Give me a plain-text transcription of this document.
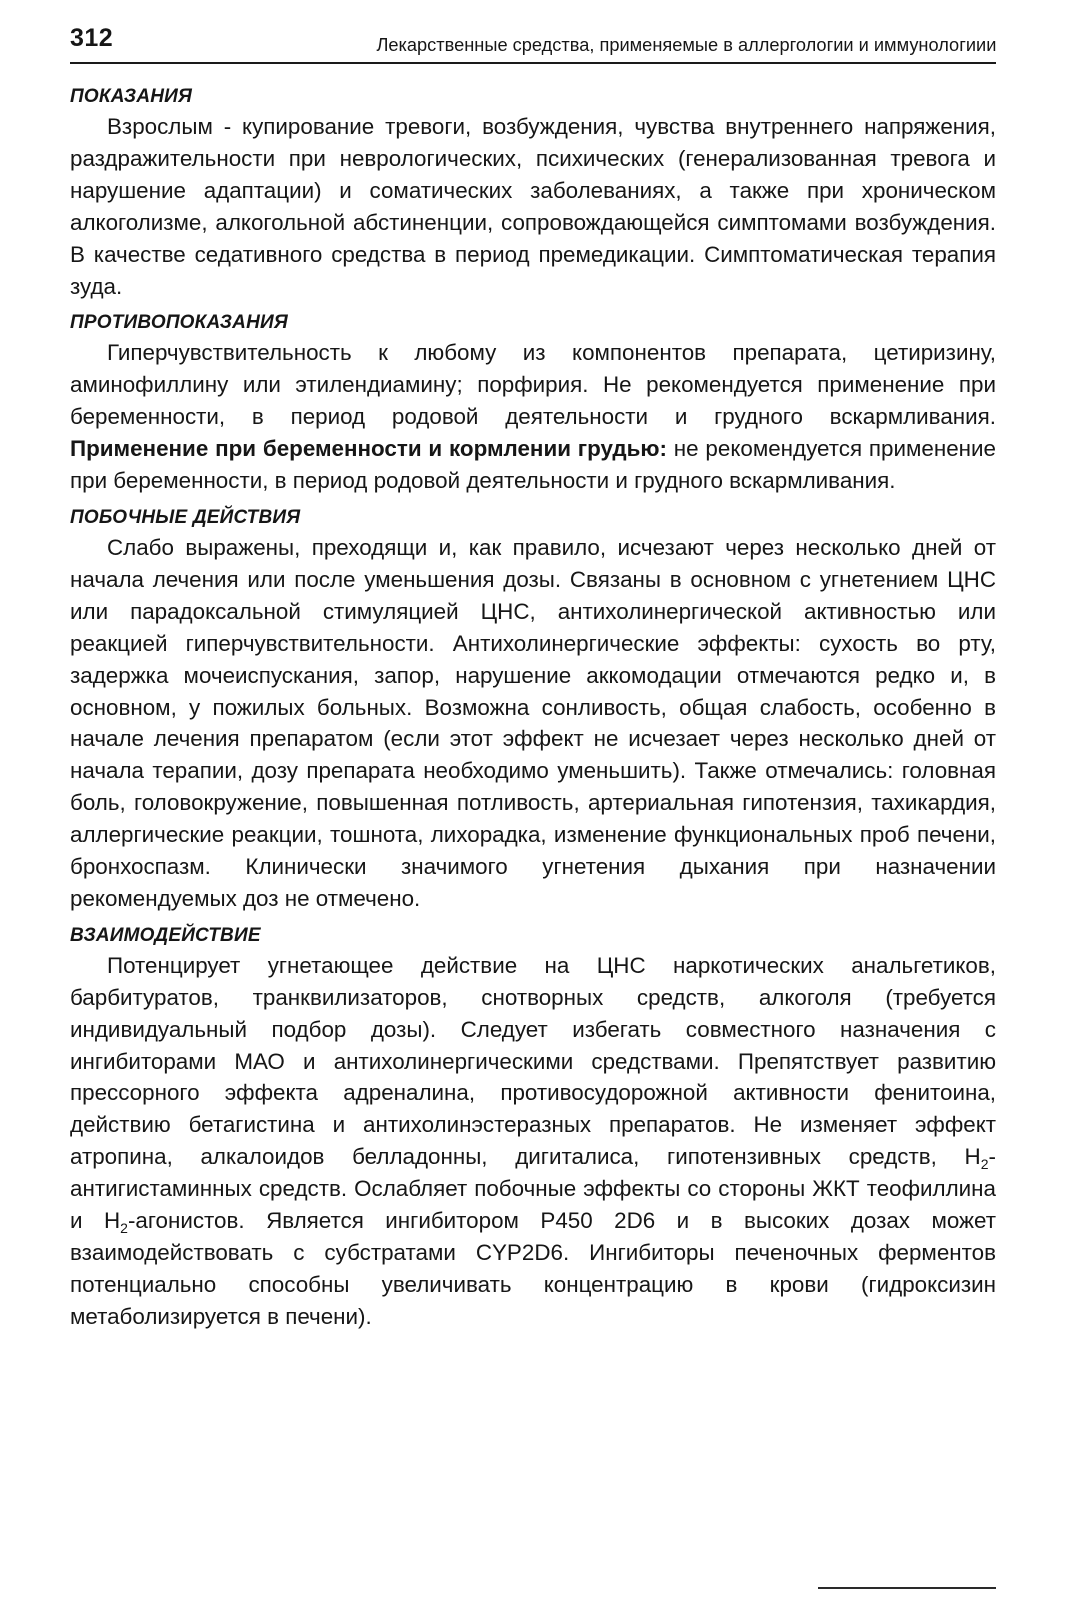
312	Лекарственные средства, применяемые в аллергологии и иммунологиии
ПОКАЗАНИЯ

Взрослым - купирование тревоги, возбуждения, чувства внутреннего напряжения, раздражительности при неврологических, психических (генерализованная тревога и нарушение адаптации) и соматических заболеваниях, а также при хроническом алкоголизме, алкогольной абстиненции, сопровождающейся симптомами возбуждения. В качестве седативного средства в период премедикации. Симптоматическая терапия зуда.

ПРОТИВОПОКАЗАНИЯ

Гиперчувствительность к любому из компонентов препарата, цетиризину, аминофиллину или этилендиамину; порфирия. Не рекомендуется применение при беременности, в период родовой деятельности и грудного вскармливания. Применение при беременности и кормлении грудью: не рекомендуется применение при беременности, в период родовой деятельности и грудного вскармливания.

ПОБОЧНЫЕ ДЕЙСТВИЯ

Слабо выражены, преходящи и, как правило, исчезают через несколько дней от начала лечения или после уменьшения дозы. Связаны в основном с угнетением ЦНС или парадоксальной стимуляцией ЦНС, антихолинергической активностью или реакцией гиперчувствительности. Антихолинергические эффекты: сухость во рту, задержка мочеиспускания, запор, нарушение аккомодации отмечаются редко и, в основном, у пожилых больных. Возможна сонливость, общая слабость, особенно в начале лечения препаратом (если этот эффект не исчезает через несколько дней от начала терапии, дозу препарата необходимо уменьшить). Также отмечались: головная боль, головокружение, повышенная потливость, артериальная гипотензия, тахикардия, аллергические реакции, тошнота, лихорадка, изменение функциональных проб печени, бронхоспазм. Клинически значимого угнетения дыхания при назначении рекомендуемых доз не отмечено.

ВЗАИМОДЕЙСТВИЕ

Потенцирует угнетающее действие на ЦНС наркотических анальгетиков, барбитуратов, транквилизаторов, снотворных средств, алкоголя (требуется индивидуальный подбор дозы). Следует избегать совместного назначения с ингибиторами МАО и антихолинергическими средствами. Препятствует развитию прессорного эффекта адреналина, противосудорожной активности фенитоина, действию бетагистина и антихолинэстеразных препаратов. Не изменяет эффект атропина, алкалоидов белладонны, дигиталиса, гипотензивных средств, $H_2$-антигистаминных средств. Ослабляет побочные эффекты со стороны ЖКТ теофиллина и $H_2$-агонистов. Является ингибитором P450 2D6 и в высоких дозах может взаимодействовать с субстратами CYP2D6. Ингибиторы печеночных ферментов потенциально способны увеличивать концентрацию в крови (гидроксизин метаболизируется в печени).
